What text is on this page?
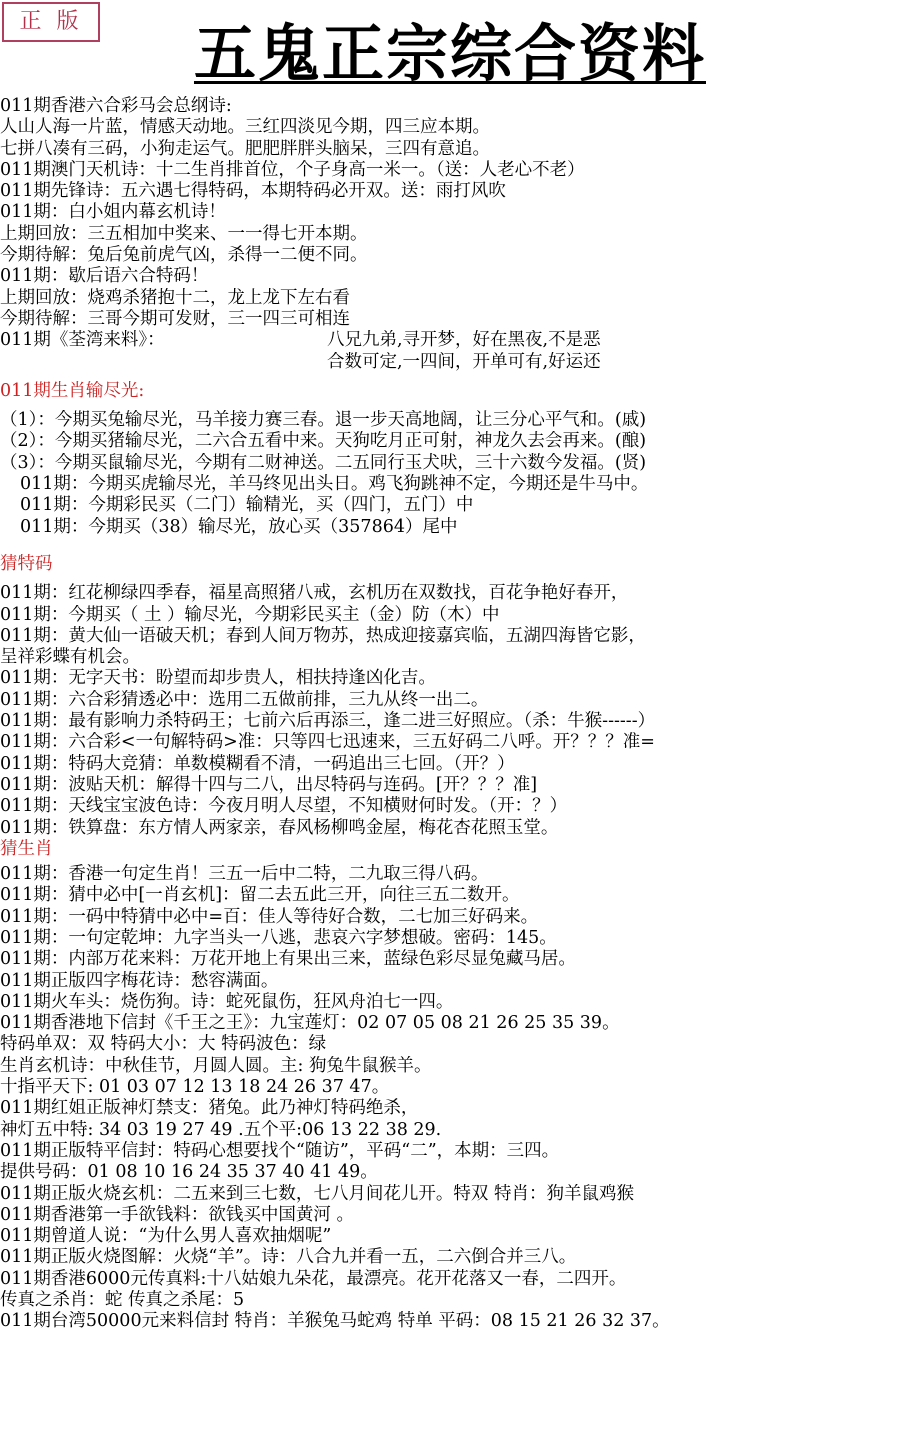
正 版	五鬼正宗综合资料
011期香港六合彩马会总纲诗:
人山人海一片蓝，情感天动地。三红四淡见今期，四三应本期。
七拼八凑有三码，小狗走运气。肥肥胖胖头脑呆，三四有意追。
011期澳门天机诗：十二生肖排首位，个子身高一米一。（送：人老心不老）
011期先锋诗：五六遇七得特码，本期特码必开双。送：雨打风吹
011期：白小姐内幕玄机诗！
上期回放：三五相加中奖来、一一得七开本期。
今期待解：兔后兔前虎气凶，杀得一二便不同。
011期：歇后语六合特码！
上期回放：烧鸡杀猪抱十二，龙上龙下左右看
今期待解：三哥今期可发财，三一四三可相连
011期《荃湾来料》：	八兄九弟,寻开梦，好在黑夜,不是恶
合数可定,一四间，开单可有,好运还
011期生肖输尽光:
（1）：今期买兔输尽光，马羊接力赛三春。退一步天高地阔，让三分心平气和。(戚)
（2）：今期买猪输尽光，二六合五看中来。天狗吃月正可射，神龙久去会再来。(酿)
（3）：今期买鼠输尽光，今期有二财神送。二五同行玉犬吠，三十六数今发福。(贤)
011期：今期买虎输尽光，羊马终见出头日。鸡飞狗跳神不定，今期还是牛马中。
011期：今期彩民买（二门）输精光，买（四门，五门）中
011期：今期买（38）输尽光，放心买（357864）尾中
猜特码
011期：红花柳绿四季春，福星高照猪八戒，玄机历在双数找，百花争艳好春开，
011期：今期买（ 土 ）输尽光，今期彩民买主（金）防（木）中
011期：黄大仙一语破天机；春到人间万物苏，热成迎接嘉宾临，五湖四海皆它影，
呈祥彩蝶有机会。
011期：无字天书：盼望而却步贵人，相扶持逢凶化吉。
011期：六合彩猜透必中：选用二五做前排，三九从终一出二。
011期：最有影响力杀特码王；七前六后再添三，逢二进三好照应。（杀：牛猴------）
011期：六合彩<一句解特码>准：只等四七迅速来，三五好码二八呼。开？？？准=
011期：特码大竞猜：单数模糊看不清，一码追出三七回。（开？）
011期：波贴天机：解得十四与二八，出尽特码与连码。[开？？？准]
011期：天线宝宝波色诗：今夜月明人尽望，不知横财何时发。（开：？）
011期：铁算盘：东方情人两家亲，春风杨柳鸣金屋，梅花杏花照玉堂。
猜生肖
011期：香港一句定生肖！三五一后中二特，二九取三得八码。
011期：猜中必中[一肖玄机]：留二去五此三开，向往三五二数开。
011期：一码中特猜中必中=百：佳人等待好合数，二七加三好码来。
011期：一句定乾坤：九字当头一八逃，悲哀六字梦想破。密码：145。
011期：内部万花来料：万花开地上有果出三来，蓝绿色彩尽显兔藏马居。
011期正版四字梅花诗：愁容满面。
011期火车头：烧伤狗。诗：蛇死鼠伤，狂风舟泊七一四。
011期香港地下信封《千王之王》：九宝莲灯：02 07 05 08 21 26 25 35 39。
特码单双：双 特码大小：大 特码波色：绿
生肖玄机诗：中秋佳节，月圆人圆。主: 狗兔牛鼠猴羊。
十指平天下: 01 03 07 12 13 18 24 26 37 47。
011期红姐正版神灯禁支：猪兔。此乃神灯特码绝杀，
神灯五中特: 34 03 19 27 49 .五个平:06 13 22 38 29.
011期正版特平信封：特码心想要找个“随访”，平码“二”，本期：三四。
提供号码：01 08 10 16 24 35 37 40 41 49。
011期正版火烧玄机：二五来到三七数，七八月间花儿开。特双 特肖：狗羊鼠鸡猴
011期香港第一手欲钱料：欲钱买中国黄河 。
011期曾道人说：“为什么男人喜欢抽烟呢”
011期正版火烧图解：火烧“羊”。诗：八合九并看一五，二六倒合并三八。
011期香港6000元传真料:十八姑娘九朵花，最漂亮。花开花落又一春，二四开。
传真之杀肖：蛇 传真之杀尾：5
011期台湾50000元来料信封 特肖：羊猴兔马蛇鸡 特单 平码：08 15 21 26 32 37。
